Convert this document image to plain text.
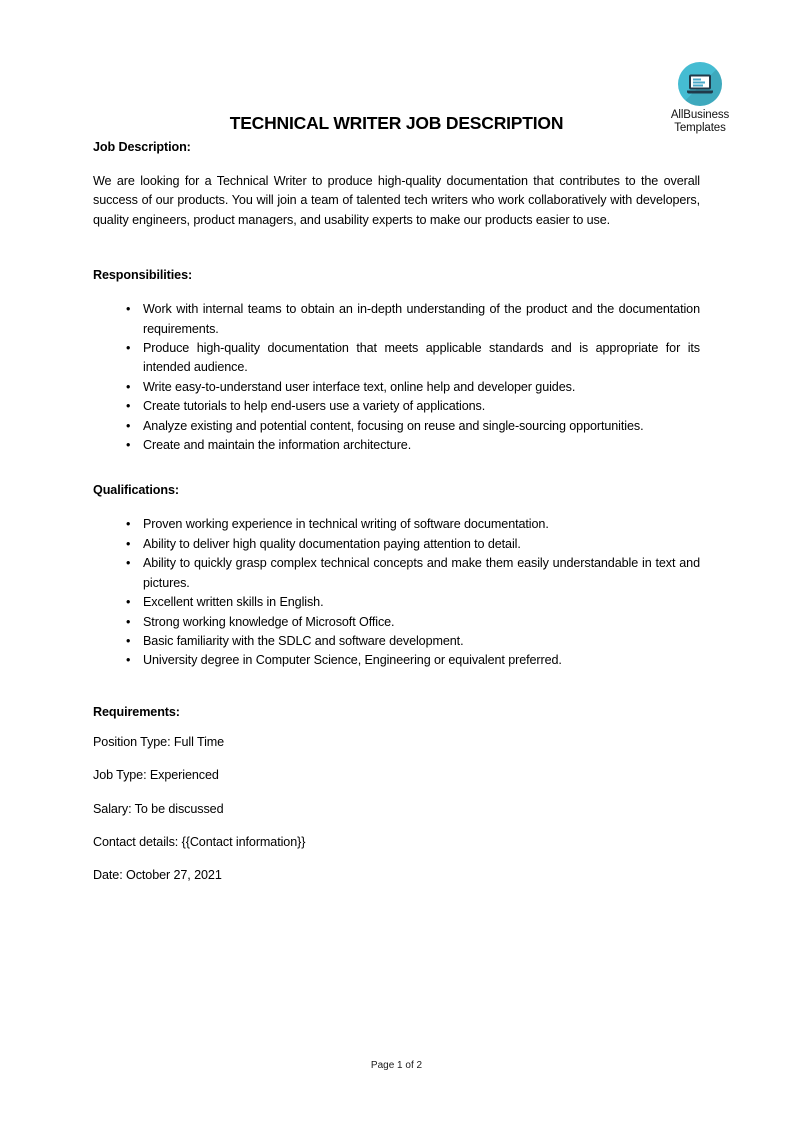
AllBusiness
Templates
TECHNICAL WRITER JOB DESCRIPTION
Job Description:

We are looking for a Technical Writer to produce high-quality documentation that contributes to the overall success of our products. You will join a team of talented tech writers who work collaboratively with developers, quality engineers, product managers, and usability experts to make our products easier to use.

Responsibilities:
• Work with internal teams to obtain an in-depth understanding of the product and the documentation requirements.
• Produce high-quality documentation that meets applicable standards and is appropriate for its intended audience.
• Write easy-to-understand user interface text, online help and developer guides.
• Create tutorials to help end-users use a variety of applications.
• Analyze existing and potential content, focusing on reuse and single-sourcing opportunities.
• Create and maintain the information architecture.
Qualifications:
• Proven working experience in technical writing of software documentation.
• Ability to deliver high quality documentation paying attention to detail.
• Ability to quickly grasp complex technical concepts and make them easily understandable in text and pictures.
• Excellent written skills in English.
• Strong working knowledge of Microsoft Office.
• Basic familiarity with the SDLC and software development.
• University degree in Computer Science, Engineering or equivalent preferred.
Requirements:

Position Type: Full Time

Job Type: Experienced

Salary: To be discussed

Contact details: {{Contact information}}

Date: October 27, 2021

Page 1 of 2
